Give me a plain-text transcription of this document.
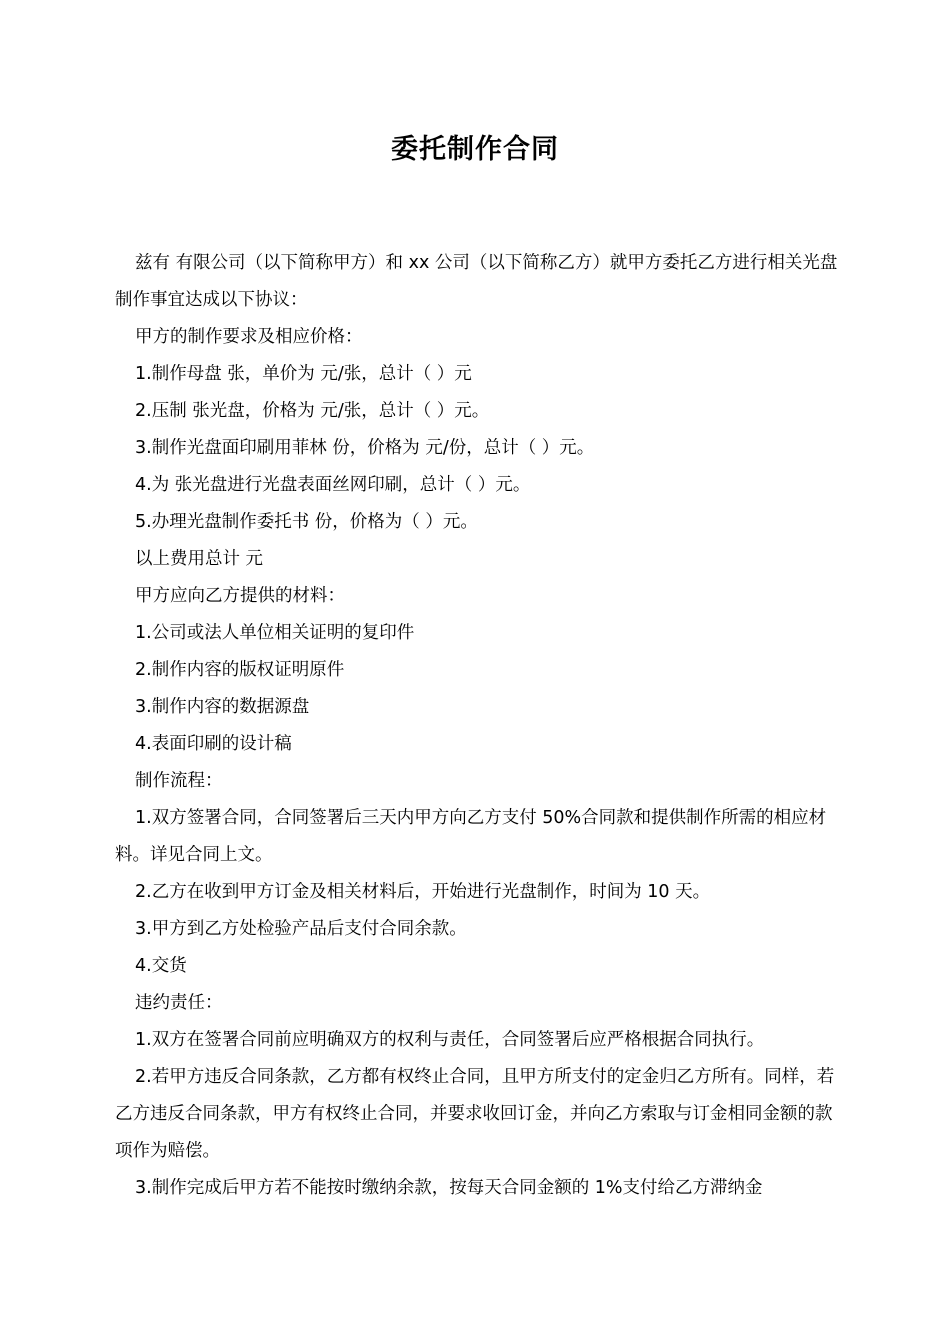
委托制作合同

兹有 有限公司（以下简称甲方）和 xx 公司（以下简称乙方）就甲方委托乙方进行相关光盘制作事宜达成以下协议：

甲方的制作要求及相应价格：

1.制作母盘 张，单价为 元/张，总计（ ）元

2.压制 张光盘，价格为 元/张，总计（ ）元。

3.制作光盘面印刷用菲林 份，价格为 元/份，总计（ ）元。

4.为 张光盘进行光盘表面丝网印刷，总计（ ）元。

5.办理光盘制作委托书 份，价格为（ ）元。

以上费用总计 元

甲方应向乙方提供的材料：

1.公司或法人单位相关证明的复印件

2.制作内容的版权证明原件

3.制作内容的数据源盘

4.表面印刷的设计稿

制作流程：

1.双方签署合同，合同签署后三天内甲方向乙方支付 50%合同款和提供制作所需的相应材料。详见合同上文。

2.乙方在收到甲方订金及相关材料后，开始进行光盘制作，时间为 10 天。

3.甲方到乙方处检验产品后支付合同余款。

4.交货

违约责任：

1.双方在签署合同前应明确双方的权利与责任，合同签署后应严格根据合同执行。

2.若甲方违反合同条款，乙方都有权终止合同，且甲方所支付的定金归乙方所有。同样，若乙方违反合同条款，甲方有权终止合同，并要求收回订金，并向乙方索取与订金相同金额的款项作为赔偿。

3.制作完成后甲方若不能按时缴纳余款，按每天合同金额的 1%支付给乙方滞纳金
